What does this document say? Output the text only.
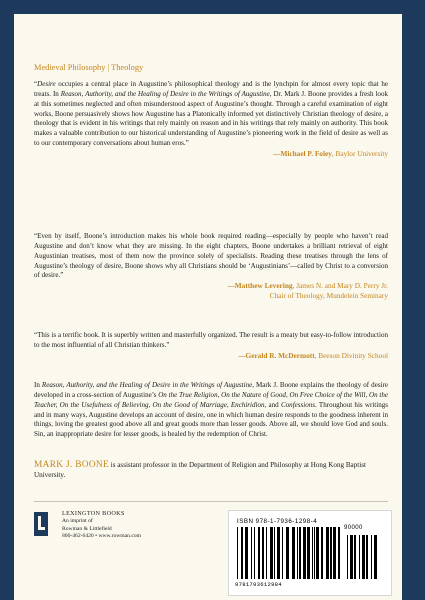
Medieval Philosophy | Theology
“Desire occupies a central place in Augustine’s philosophical theology and is the lynchpin for almost every topic that he treats. In Reason, Authority, and the Healing of Desire in the Writings of Augustine, Dr. Mark J. Boone provides a fresh look at this sometimes neglected and often misunderstood aspect of Augustine’s thought. Through a careful examination of eight works, Boone persuasively shows how Augustine has a Platonically informed yet distinctively Christian theology of desire, a theology that is evident in his writings that rely mainly on reason and in his writings that rely mainly on authority. This book makes a valuable contribution to our historical understanding of Augustine’s pioneering work in the field of desire as well as to our contemporary conversations about human eros.”
—Michael P. Foley, Baylor University
“Even by itself, Boone’s introduction makes his whole book required reading—especially by people who haven’t read Augustine and don’t know what they are missing. In the eight chapters, Boone undertakes a brilliant retrieval of eight Augustinian treatises, most of them now the province solely of specialists. Reading these treatises through the lens of Augustine’s theology of desire, Boone shows why all Christians should be ‘Augustinians’—called by Christ to a conversion of desire.”
—Matthew Levering, James N. and Mary D. Perry Jr.
Chair of Theology, Mundelein Seminary
“This is a terrific book. It is superbly written and masterfully organized. The result is a meaty but easy-to-follow introduction to the most influential of all Christian thinkers.”
—Gerald R. McDermott, Beeson Divinity School
In Reason, Authority, and the Healing of Desire in the Writings of Augustine, Mark J. Boone explains the theology of desire developed in a cross-section of Augustine’s On the True Religion, On the Nature of Good, On Free Choice of the Will, On the Teacher, On the Usefulness of Believing, On the Good of Marriage, Enchiridion, and Confessions. Throughout his writings and in many ways, Augustine develops an account of desire, one in which human desire responds to the goodness inherent in things, loving the greatest good above all and great goods more than lesser goods. Above all, we should love God and souls. Sin, an inappropriate desire for lesser goods, is healed by the redemption of Christ.
MARK J. BOONE is assistant professor in the Department of Religion and Philosophy at Hong Kong Baptist University.
LEXINGTON BOOKS
An imprint of
Rowman & Littlefield
800-462-6420 • www.rowman.com
ISBN 978-1-7936-1298-4
90000
9781793612984
